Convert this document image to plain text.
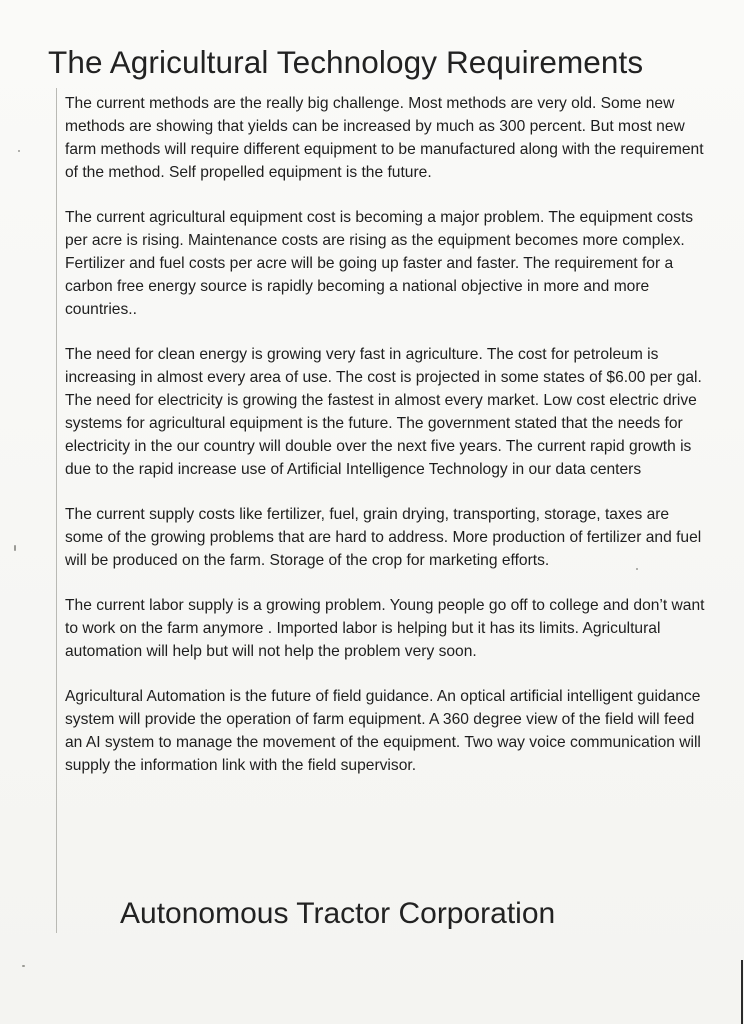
The Agricultural Technology Requirements

The current methods are the really big challenge. Most methods are very old. Some new methods are showing that yields can be increased by much as 300 percent. But most new farm methods will require different equipment to be manufactured along with the requirement of the method. Self propelled equipment is the future.

The current agricultural equipment cost is becoming a major problem. The equipment costs per acre is rising. Maintenance costs are rising as the equipment becomes more complex. Fertilizer and fuel costs per acre will be going up faster and faster. The requirement for a carbon free energy source is rapidly becoming a national objective in more and more countries..

The need for clean energy is growing very fast in agriculture. The cost for petroleum is increasing in almost every area of use. The cost is projected in some states of $6.00 per gal. The need for electricity is growing the fastest in almost every market. Low cost electric drive systems for agricultural equipment is the future. The government stated that the needs for electricity in the our country will double over the next five years. The current rapid growth is due to the rapid increase use of Artificial Intelligence Technology in our data centers

The current supply costs like fertilizer, fuel, grain drying, transporting, storage, taxes are some of the growing problems that are hard to address. More production of fertilizer and fuel will be produced on the farm. Storage of the crop for marketing efforts.

The current labor supply is a growing problem. Young people go off to college and don’t want to work on the farm anymore . Imported labor is helping but it has its limits. Agricultural automation will help but will not help the problem very soon.

Agricultural Automation is the future of field guidance. An optical artificial intelligent guidance system will provide the operation of farm equipment. A 360 degree view of the field will feed an AI system to manage the movement of the equipment. Two way voice communication will supply the information link with the field supervisor.

Autonomous Tractor Corporation
